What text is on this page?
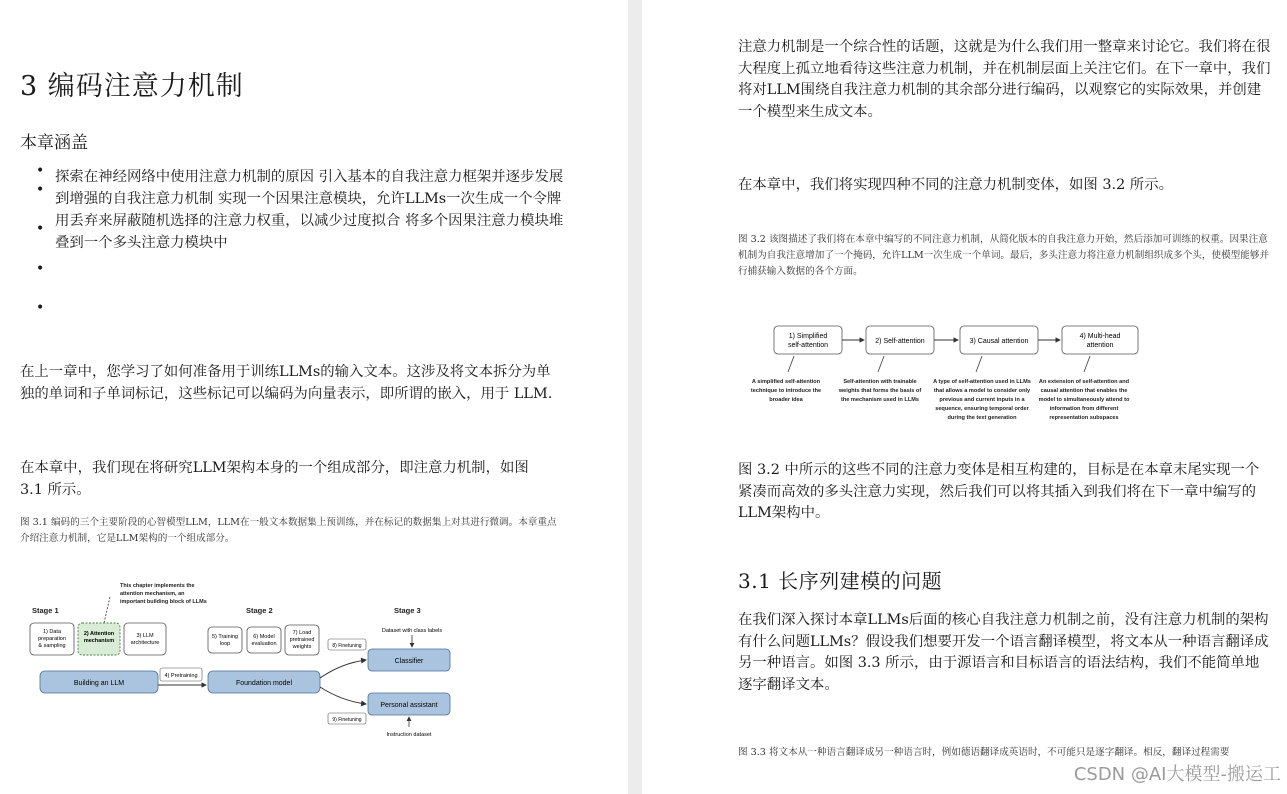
3 编码注意力机制
本章涵盖
•
•
•
•
•

探索在神经网络中使用注意力机制的原因 引入基本的自我注意力框架并逐步发展到增强的自我注意力机制 实现一个因果注意模块，允许LLMs一次生成一个令牌 用丢弃来屏蔽随机选择的注意力权重，以减少过度拟合 将多个因果注意力模块堆叠到一个多头注意力模块中

在上一章中，您学习了如何准备用于训练LLMs的输入文本。这涉及将文本拆分为单独的单词和子单词标记，这些标记可以编码为向量表示，即所谓的嵌入，用于 LLM.

在本章中，我们现在将研究LLM架构本身的一个组成部分，即注意力机制，如图 3.1 所示。

图 3.1 编码的三个主要阶段的心智模型LLM，LLM在一般文本数据集上预训练，并在标记的数据集上对其进行微调。本章重点介绍注意力机制，它是LLM架构的一个组成部分。

This chapter implements the
attention mechanism, an
important building block of LLMs
Stage 1	Stage 2	Stage 3
1) Data
preparation
& sampling
2) Attention
mechanism
3) LLM
architecture
Building an LLM
4) Pretraining
5) Training
loop
6) Model
evaluation
7) Load
pretrained
weights
Foundation model
Dataset with class labels
Classifier
Personal assistant
Instruction dataset
8) Finetuning
9) Finetuning

注意力机制是一个综合性的话题，这就是为什么我们用一整章来讨论它。我们将在很大程度上孤立地看待这些注意力机制，并在机制层面上关注它们。在下一章中，我们将对LLM围绕自我注意力机制的其余部分进行编码，以观察它的实际效果，并创建一个模型来生成文本。

在本章中，我们将实现四种不同的注意力机制变体，如图 3.2 所示。

图 3.2 该图描述了我们将在本章中编写的不同注意力机制，从简化版本的自我注意力开始，然后添加可训练的权重。因果注意机制为自我注意增加了一个掩码，允许LLM一次生成一个单词。最后，多头注意力将注意力机制组织成多个头，使模型能够并行捕获输入数据的各个方面。

1) Simplified
self-attention
2) Self-attention	3) Causal attention
4) Multi-head
attention
A simplified self-attention
technique to introduce the
broader idea
Self-attention with trainable
weights that forms the basis of
the mechanism used in LLMs
A type of self-attention used in LLMs
that allows a model to consider only
previous and current inputs in a
sequence, ensuring temporal order
during the text generation
An extension of self-attention and
causal attention that enables the
model to simultaneously attend to
information from different
representation subspaces

图 3.2 中所示的这些不同的注意力变体是相互构建的，目标是在本章末尾实现一个紧凑而高效的多头注意力实现，然后我们可以将其插入到我们将在下一章中编写的LLM架构中。

3.1 长序列建模的问题

在我们深入探讨本章LLMs后面的核心自我注意力机制之前，没有注意力机制的架构有什么问题LLMs？假设我们想要开发一个语言翻译模型，将文本从一种语言翻译成另一种语言。如图 3.3 所示，由于源语言和目标语言的语法结构，我们不能简单地逐字翻译文本。

图 3.3 将文本从一种语言翻译成另一种语言时，例如德语翻译成英语时，不可能只是逐字翻译。相反，翻译过程需要

CSDN @AI大模型-搬运工
